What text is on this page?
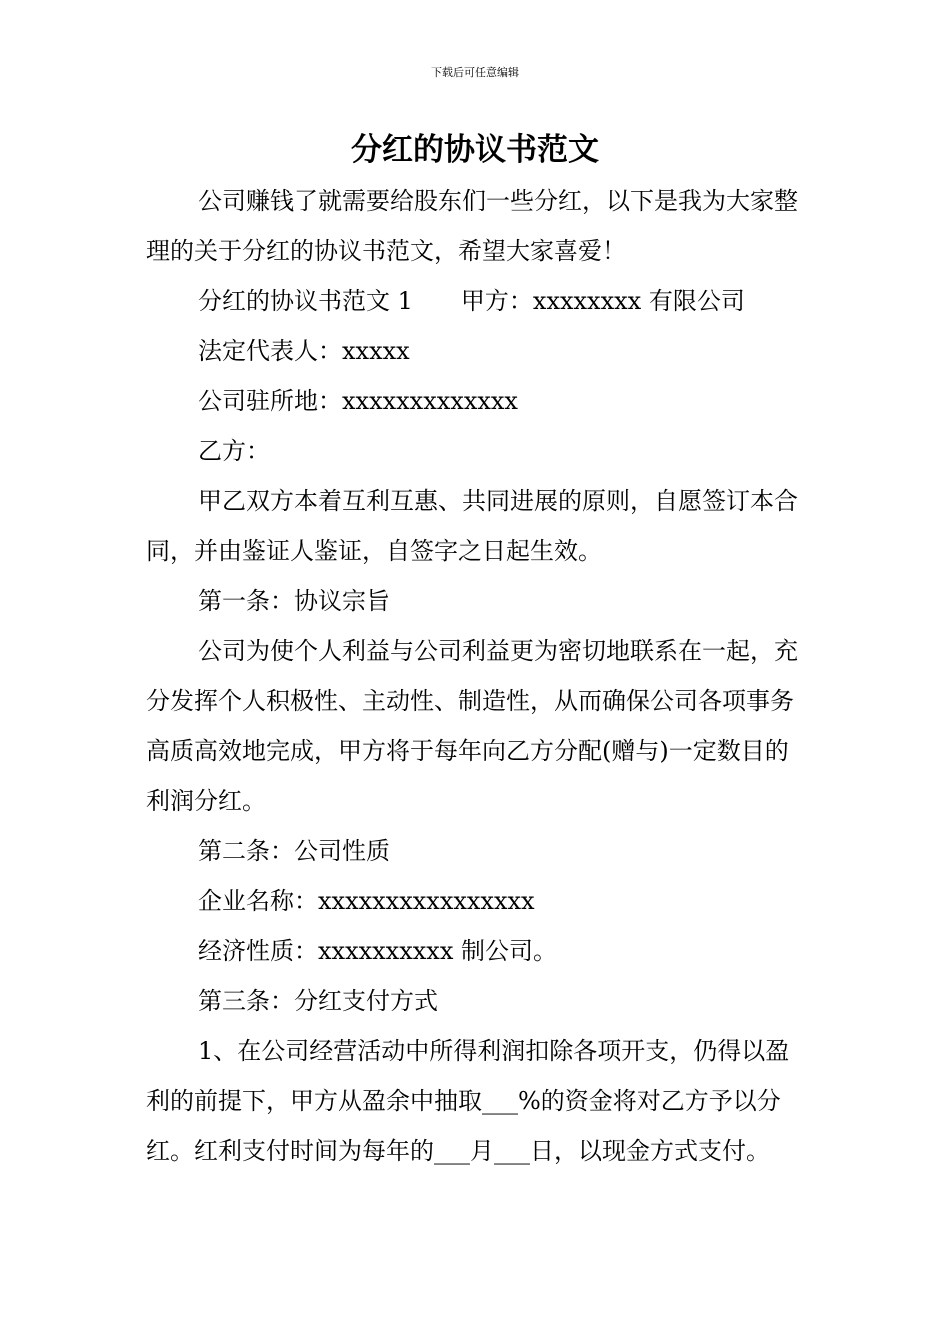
下载后可任意编辑
分红的协议书范文

公司赚钱了就需要给股东们一些分红，以下是我为大家整理的关于分红的协议书范文，希望大家喜爱！

分红的协议书范文 1 甲方：xxxxxxxx 有限公司

法定代表人：xxxxx

公司驻所地：xxxxxxxxxxxxx

乙方：

甲乙双方本着互利互惠、共同进展的原则，自愿签订本合同，并由鉴证人鉴证，自签字之日起生效。

第一条：协议宗旨

公司为使个人利益与公司利益更为密切地联系在一起，充分发挥个人积极性、主动性、制造性，从而确保公司各项事务高质高效地完成，甲方将于每年向乙方分配(赠与)一定数目的利润分红。

第二条：公司性质

企业名称：xxxxxxxxxxxxxxxx

经济性质：xxxxxxxxxx 制公司。

第三条：分红支付方式

1、在公司经营活动中所得利润扣除各项开支，仍得以盈利的前提下，甲方从盈余中抽取___%的资金将对乙方予以分红。红利支付时间为每年的___月___日，以现金方式支付。
